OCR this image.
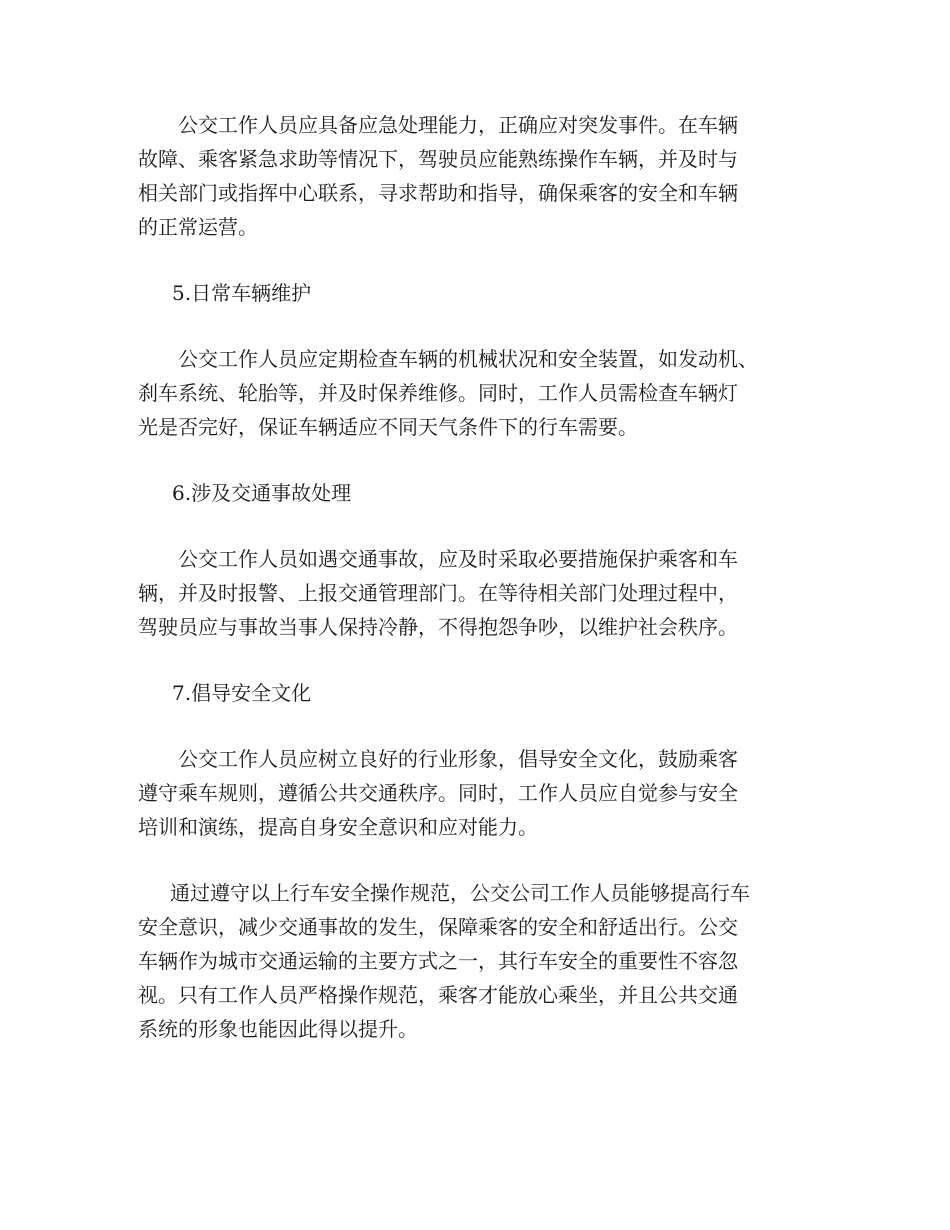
公交工作人员应具备应急处理能力，正确应对突发事件。在车辆
故障、乘客紧急求助等情况下，驾驶员应能熟练操作车辆，并及时与
相关部门或指挥中心联系，寻求帮助和指导，确保乘客的安全和车辆
的正常运营。

5.日常车辆维护

公交工作人员应定期检查车辆的机械状况和安全装置，如发动机、
刹车系统、轮胎等，并及时保养维修。同时，工作人员需检查车辆灯
光是否完好，保证车辆适应不同天气条件下的行车需要。

6.涉及交通事故处理

公交工作人员如遇交通事故，应及时采取必要措施保护乘客和车
辆，并及时报警、上报交通管理部门。在等待相关部门处理过程中，
驾驶员应与事故当事人保持冷静，不得抱怨争吵，以维护社会秩序。

7.倡导安全文化

公交工作人员应树立良好的行业形象，倡导安全文化，鼓励乘客
遵守乘车规则，遵循公共交通秩序。同时，工作人员应自觉参与安全
培训和演练，提高自身安全意识和应对能力。

通过遵守以上行车安全操作规范，公交公司工作人员能够提高行车
安全意识，减少交通事故的发生，保障乘客的安全和舒适出行。公交
车辆作为城市交通运输的主要方式之一，其行车安全的重要性不容忽
视。只有工作人员严格操作规范，乘客才能放心乘坐，并且公共交通
系统的形象也能因此得以提升。
